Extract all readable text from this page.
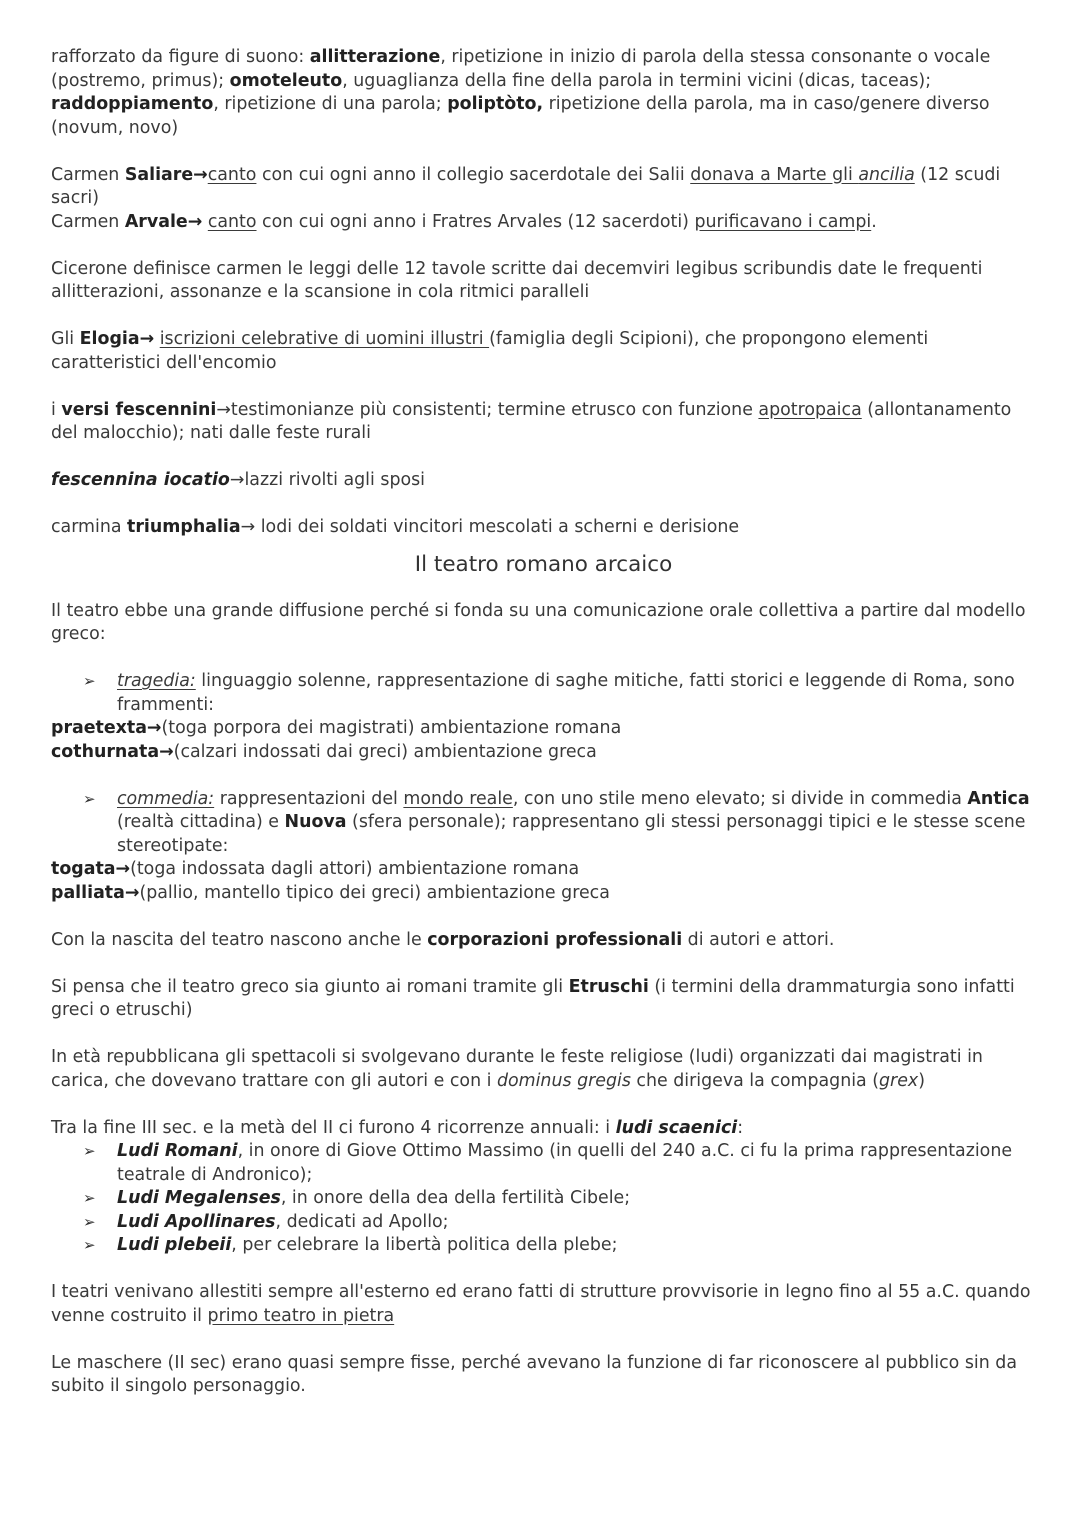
rafforzato da figure di suono: allitterazione, ripetizione in inizio di parola della stessa consonante o vocale (postremo, primus); omoteleuto, uguaglianza della fine della parola in termini vicini (dicas, taceas); raddoppiamento, ripetizione di una parola; poliptòto, ripetizione della parola, ma in caso/genere diverso (novum, novo)

Carmen Saliare→canto con cui ogni anno il collegio sacerdotale dei Salii donava a Marte gli ancilia (12 scudi sacri)

Carmen Arvale→ canto con cui ogni anno i Fratres Arvales (12 sacerdoti) purificavano i campi.

Cicerone definisce carmen le leggi delle 12 tavole scritte dai decemviri legibus scribundis date le frequenti allitterazioni, assonanze e la scansione in cola ritmici paralleli

Gli Elogia→ iscrizioni celebrative di uomini illustri (famiglia degli Scipioni), che propongono elementi caratteristici dell'encomio

i versi fescennini→testimonianze più consistenti; termine etrusco con funzione apotropaica (allontanamento del malocchio); nati dalle feste rurali

fescennina iocatio→lazzi rivolti agli sposi

carmina triumphalia→ lodi dei soldati vincitori mescolati a scherni e derisione

Il teatro romano arcaico

Il teatro ebbe una grande diffusione perché si fonda su una comunicazione orale collettiva a partire dal modello greco:

➢ tragedia: linguaggio solenne, rappresentazione di saghe mitiche, fatti storici e leggende di Roma, sono frammenti:

praetexta→(toga porpora dei magistrati) ambientazione romana

cothurnata→(calzari indossati dai greci) ambientazione greca

➢ commedia: rappresentazioni del mondo reale, con uno stile meno elevato; si divide in commedia Antica (realtà cittadina) e Nuova (sfera personale); rappresentano gli stessi personaggi tipici e le stesse scene stereotipate:

togata→(toga indossata dagli attori) ambientazione romana

palliata→(pallio, mantello tipico dei greci) ambientazione greca

Con la nascita del teatro nascono anche le corporazioni professionali di autori e attori.

Si pensa che il teatro greco sia giunto ai romani tramite gli Etruschi (i termini della drammaturgia sono infatti greci o etruschi)

In età repubblicana gli spettacoli si svolgevano durante le feste religiose (ludi) organizzati dai magistrati in carica, che dovevano trattare con gli autori e con i dominus gregis che dirigeva la compagnia (grex)

Tra la fine III sec. e la metà del II ci furono 4 ricorrenze annuali: i ludi scaenici:

➢ Ludi Romani, in onore di Giove Ottimo Massimo (in quelli del 240 a.C. ci fu la prima rappresentazione teatrale di Andronico);
➢ Ludi Megalenses, in onore della dea della fertilità Cibele;
➢ Ludi Apollinares, dedicati ad Apollo;
➢ Ludi plebeii, per celebrare la libertà politica della plebe;

I teatri venivano allestiti sempre all'esterno ed erano fatti di strutture provvisorie in legno fino al 55 a.C. quando venne costruito il primo teatro in pietra

Le maschere (II sec) erano quasi sempre fisse, perché avevano la funzione di far riconoscere al pubblico sin da subito il singolo personaggio.
